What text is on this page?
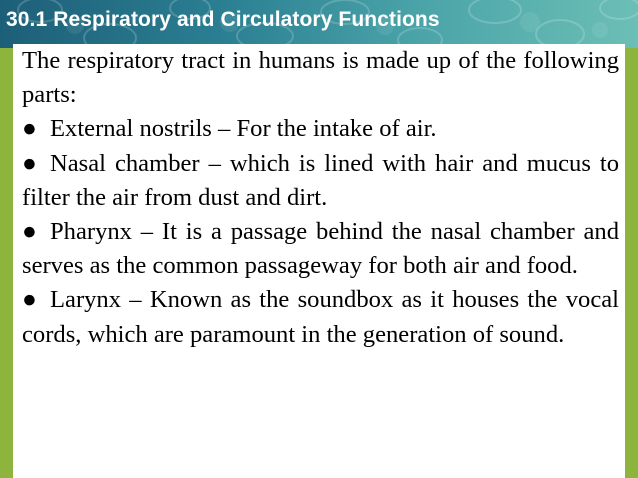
30.1 Respiratory and Circulatory Functions

The respiratory tract in humans is made up of the following parts:

● External nostrils – For the intake of air.

● Nasal chamber – which is lined with hair and mucus to filter the air from dust and dirt.

● Pharynx – It is a passage behind the nasal chamber and serves as the common passageway for both air and food.

● Larynx – Known as the soundbox as it houses the vocal cords, which are paramount in the generation of sound.
